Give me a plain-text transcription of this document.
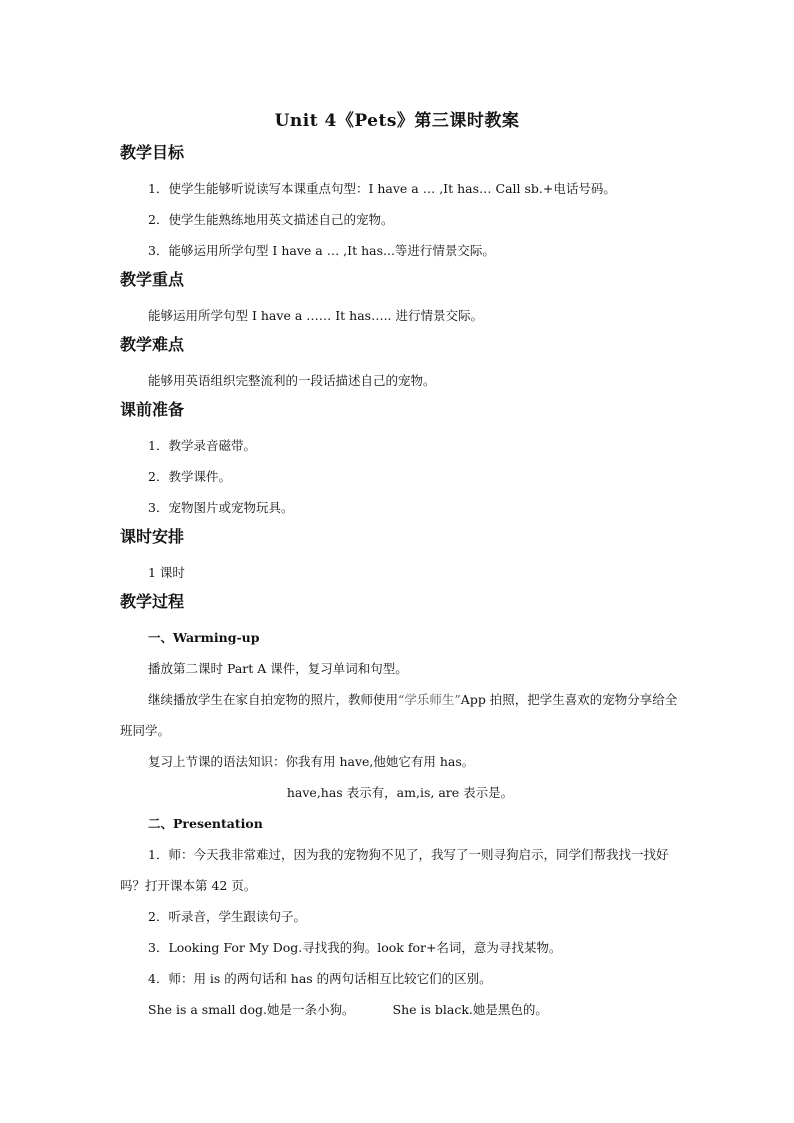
Unit 4《Pets》第三课时教案
教学目标

1．使学生能够听说读写本课重点句型：I have a … ,It has… Call sb.+电话号码。

2．使学生能熟练地用英文描述自己的宠物。

3．能够运用所学句型 I have a … ,It has...等进行情景交际。

教学重点

能够运用所学句型 I have a …… It has….. 进行情景交际。

教学难点

能够用英语组织完整流利的一段话描述自己的宠物。

课前准备

1．教学录音磁带。

2．教学课件。

3．宠物图片或宠物玩具。

课时安排

1 课时

教学过程

一、Warming-up

播放第二课时 Part A 课件，复习单词和句型。

继续播放学生在家自拍宠物的照片，教师使用“学乐师生”App 拍照，把学生喜欢的宠物分享给全班同学。

复习上节课的语法知识：你我有用 have,他她它有用 has。

have,has 表示有，am,is, are 表示是。

二、Presentation

1．师：今天我非常难过，因为我的宠物狗不见了，我写了一则寻狗启示，同学们帮我找一找好吗？打开课本第 42 页。

2．听录音，学生跟读句子。

3．Looking For My Dog.寻找我的狗。look for+名词，意为寻找某物。

4．师：用 is 的两句话和 has 的两句话相互比较它们的区别。

She is a small dog.她是一条小狗。	She is black.她是黑色的。
